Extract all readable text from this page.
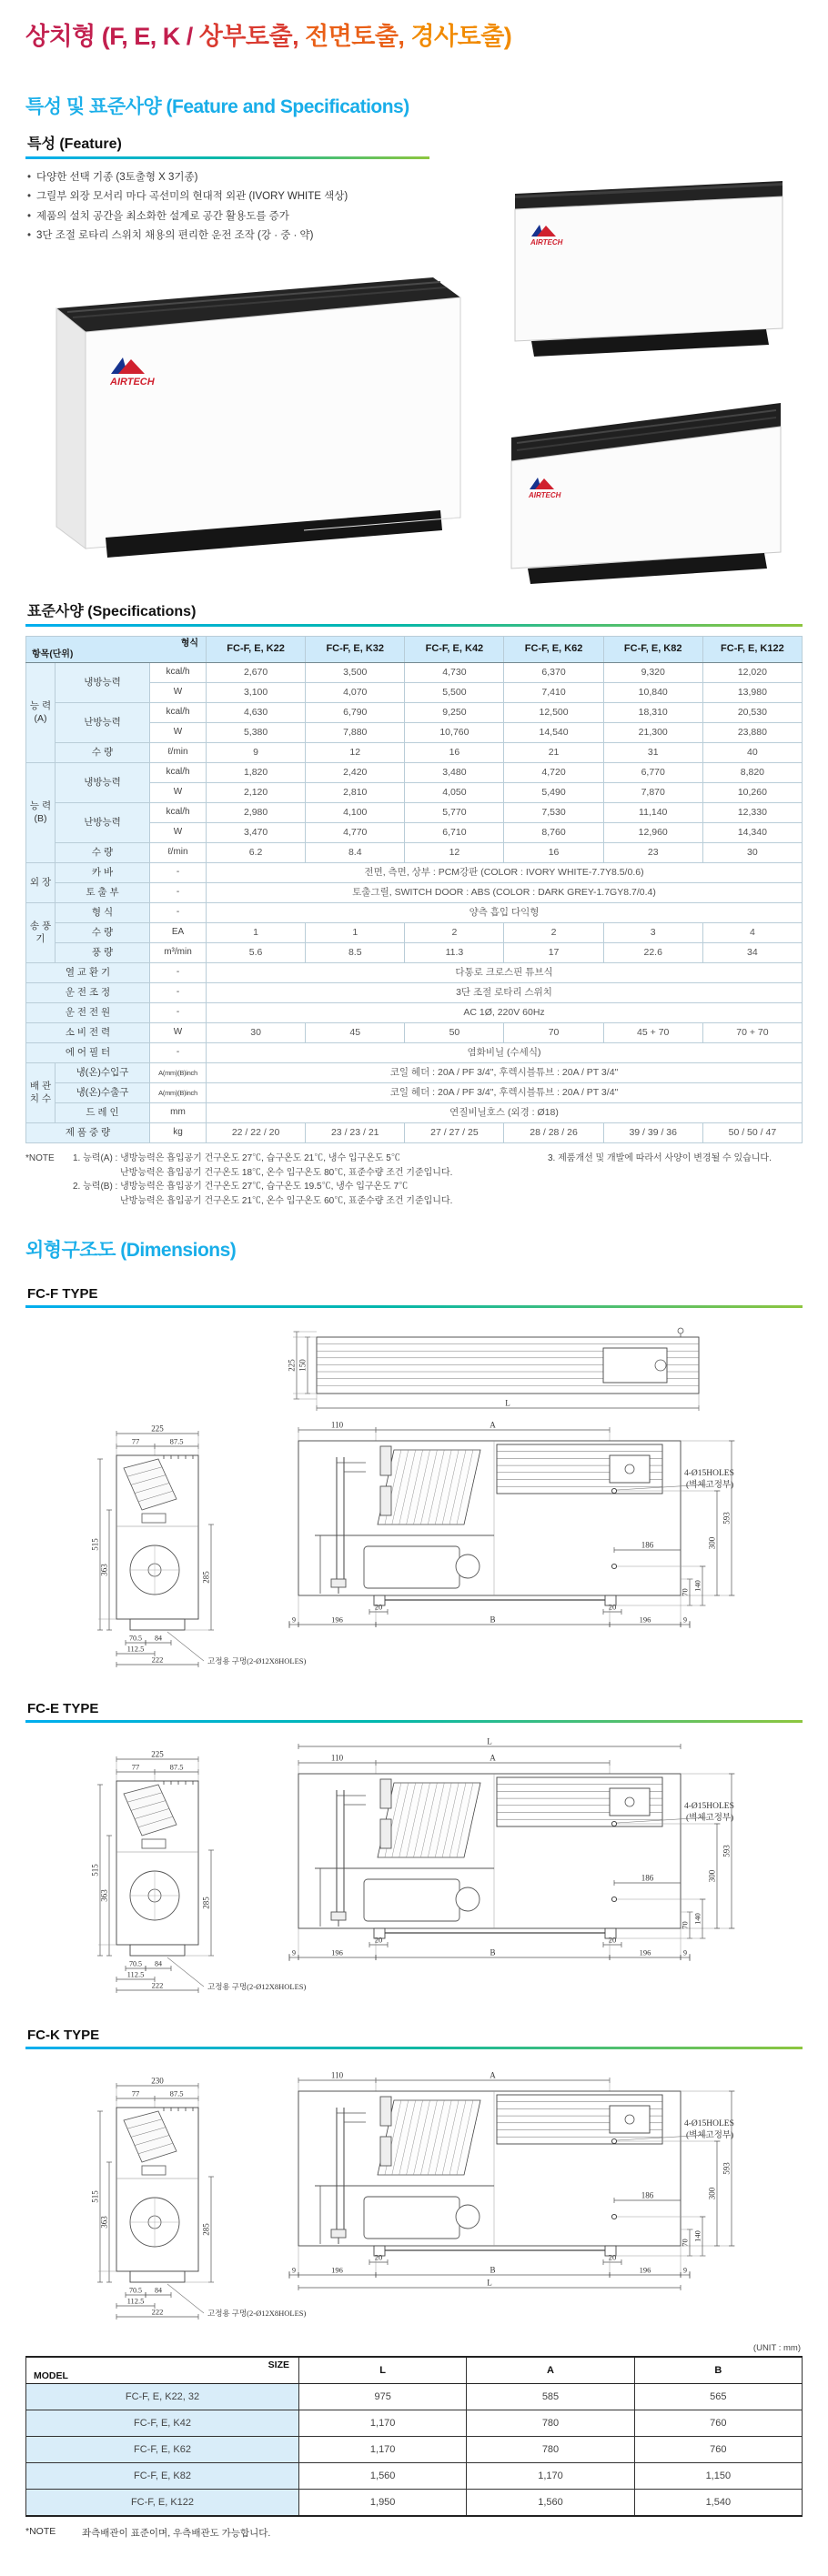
상치형 (F, E, K / 상부토출, 전면토출, 경사토출)
특성 및 표준사양 (Feature and Specifications)
특성 (Feature)
• 다양한 선택 기종 (3토출형 X 3기종)
• 그릴부 외장 모서리 마다 곡선미의 현대적 외관 (IVORY WHITE 색상)
• 제품의 설치 공간을 최소화한 설계로 공간 활용도를 증가
• 3단 조절 로타리 스위치 채용의 편리한 운전 조작 (강 · 중 · 약)
AIRTECH
AIRTECH
AIRTECH
표준사양 (Specifications)
형식
항목(단위)			FC-F, E, K22	FC-F, E, K32	FC-F, E, K42	FC-F, E, K62	FC-F, E, K82	FC-F, E, K122
능 력 (A)	냉방능력	kcal/h	2,670	3,500	4,730	6,370	9,320	12,020
		W	3,100	4,070	5,500	7,410	10,840	13,980
	난방능력	kcal/h	4,630	6,790	9,250	12,500	18,310	20,530
		W	5,380	7,880	10,760	14,540	21,300	23,880
	수 량	ℓ/min	9	12	16	21	31	40
능 력 (B)	냉방능력	kcal/h	1,820	2,420	3,480	4,720	6,770	8,820
		W	2,120	2,810	4,050	5,490	7,870	10,260
	난방능력	kcal/h	2,980	4,100	5,770	7,530	11,140	12,330
		W	3,470	4,770	6,710	8,760	12,960	14,340
	수 량	ℓ/min	6.2	8.4	12	16	23	30
외 장	카 바	-	전면, 측면, 상부 : PCM강판 (COLOR : IVORY WHITE-7.7Y8.5/0.6)					
	토 출 부	-	토출그릴, SWITCH DOOR : ABS (COLOR : DARK GREY-1.7GY8.7/0.4)					
송 풍 기	형 식	-	양측 흡입 다익형					
	수 량	EA	1	1	2	2	3	4
	풍 량	m³/min	5.6	8.5	11.3	17	22.6	34
열 교 환 기		-	다통로 크로스핀 튜브식					
운 전 조 정		-	3단 조절 로타리 스위치					
운 전 전 원		-	AC 1Ø, 220V 60Hz					
소 비 전 력		W	30	45	50	70	45 + 70	70 + 70
에 어 필 터		-	염화비닐 (수세식)					
배 관 치 수	냉(온)수입구	A(mm)(B)inch	코일 헤더 : 20A / PF 3/4", 후렉시블튜브 : 20A / PT 3/4"					
	냉(온)수출구	A(mm)(B)inch	코일 헤더 : 20A / PF 3/4", 후렉시블튜브 : 20A / PT 3/4"					
	드 레 인	mm	연질비닐호스 (외경 : Ø18)					
제 품 중 량		kg	22 / 22 / 20	23 / 23 / 21	27 / 27 / 25	28 / 28 / 26	39 / 39 / 36	50 / 50 / 47
*NOTE	1. 능력(A) : 냉방능력은 흡입공기 건구온도 27℃, 습구온도 21℃, 냉수 입구온도 5℃
난방능력은 흡입공기 건구온도 18℃, 온수 입구온도 80℃, 표준수량 조건 기준입니다.
2. 능력(B) : 냉방능력은 흡입공기 건구온도 27℃, 습구온도 19.5℃, 냉수 입구온도 7℃
난방능력은 흡입공기 건구온도 21℃, 온수 입구온도 60℃, 표준수량 조건 기준입니다.
3. 제품개선 및 개발에 따라서 사양이 변경될 수 있습니다.
외형구조도 (Dimensions)
FC-F TYPE
225 150
L
225
77	87.5
515
363
285
70.5 84
112.5
222	고정용 구멍(2-Ø12X8HOLES)
110	A
4-Ø15HOLES
(벽체고정부)
593
300
186
140
70
20	20
9	196	B	196	9
FC-E TYPE
225
77	87.5
515
363
285
70.5 84
112.5
222	고정용 구멍(2-Ø12X8HOLES)
L
110	A
4-Ø15HOLES
(벽체고정부)
593
300
186
140
70
20	20
9	196	B	196	9
FC-K TYPE
230
77	87.5
515
363
285
70.5 84
112.5
222	고정용 구멍(2-Ø12X8HOLES)
110	A
4-Ø15HOLES
(벽체고정부)
593
300
186
140
70
20	20
9	196	B	196	9
L
(UNIT : mm)
SIZE
MODEL	L	A	B
FC-F, E, K22, 32	975	585	565
FC-F, E, K42	1,170	780	760
FC-F, E, K62	1,170	780	760
FC-F, E, K82	1,560	1,170	1,150
FC-F, E, K122	1,950	1,560	1,540
*NOTE	좌측배관이 표준이며, 우측배관도 가능합니다.
